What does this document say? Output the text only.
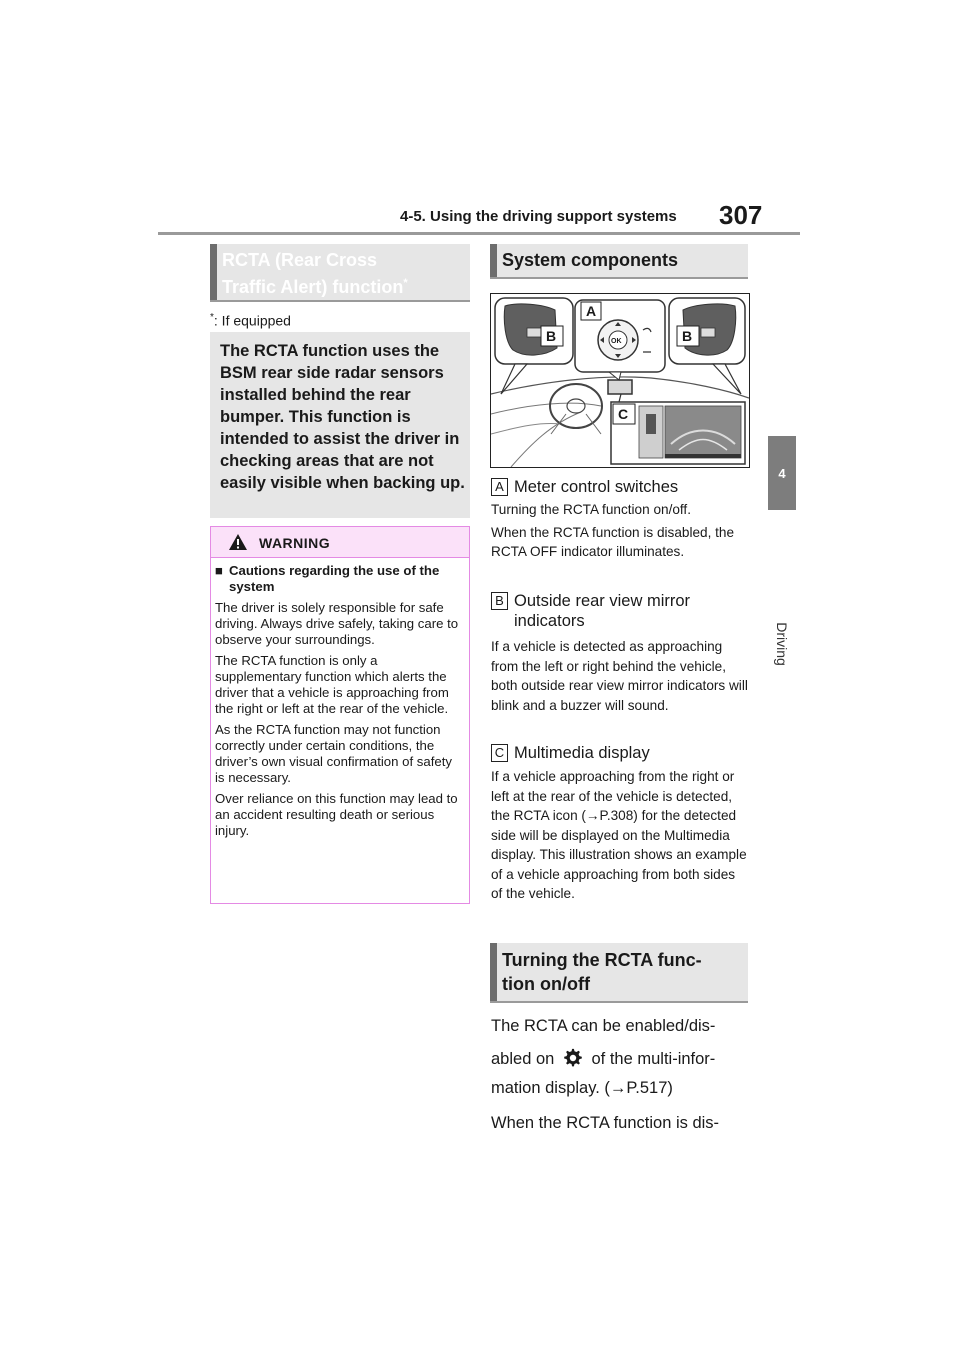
4-5. Using the driving support systems 307
4
Driving
RCTA (Rear Cross
Traffic Alert) function*
*: If equipped

The RCTA function uses the BSM rear side radar sensors installed behind the rear bumper. This function is intended to assist the driver in checking areas that are not easily visible when backing up.

WARNING

■ Cautions regarding the use of the system

The driver is solely responsible for safe driving. Always drive safely, taking care to observe your surroundings.

The RCTA function is only a supplementary function which alerts the driver that a vehicle is approaching from the right or left at the rear of the vehicle.

As the RCTA function may not function correctly under certain conditions, the driver’s own visual confirmation of safety is necessary.

Over reliance on this function may lead to an accident resulting death or serious injury.

System components
B	B
A
OK
C
A Meter control switches

Turning the RCTA function on/off.

When the RCTA function is disabled, the RCTA OFF indicator illuminates.

B Outside rear view mirror indicators

If a vehicle is detected as approaching from the left or right behind the vehicle, both outside rear view mirror indicators will blink and a buzzer will sound.

C Multimedia display

If a vehicle approaching from the right or left at the rear of the vehicle is detected, the RCTA icon (→P.308) for the detected side will be displayed on the Multimedia display. This illustration shows an example of a vehicle approaching from both sides of the vehicle.

Turning the RCTA func-
tion on/off
The RCTA can be enabled/dis-
abled on of the multi-infor-
mation display. (→P.517)
When the RCTA function is dis-
